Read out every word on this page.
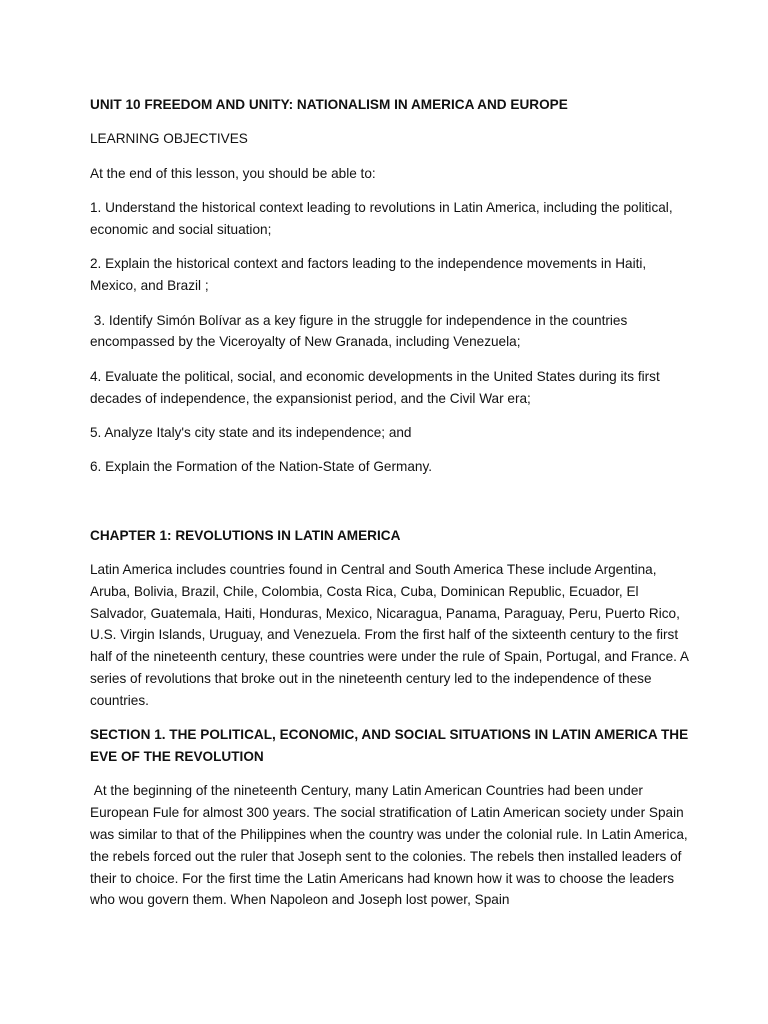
UNIT 10 FREEDOM AND UNITY: NATIONALISM IN AMERICA AND EUROPE

LEARNING OBJECTIVES

At the end of this lesson, you should be able to:

1. Understand the historical context leading to revolutions in Latin America, including the political, economic and social situation;

2. Explain the historical context and factors leading to the independence movements in Haiti, Mexico, and Brazil ;

3. Identify Simón Bolívar as a key figure in the struggle for independence in the countries encompassed by the Viceroyalty of New Granada, including Venezuela;

4. Evaluate the political, social, and economic developments in the United States during its first decades of independence, the expansionist period, and the Civil War era;

5. Analyze Italy's city state and its independence; and

6. Explain the Formation of the Nation-State of Germany.

CHAPTER 1: REVOLUTIONS IN LATIN AMERICA

Latin America includes countries found in Central and South America These include Argentina, Aruba, Bolivia, Brazil, Chile, Colombia, Costa Rica, Cuba, Dominican Republic, Ecuador, El Salvador, Guatemala, Haiti, Honduras, Mexico, Nicaragua, Panama, Paraguay, Peru, Puerto Rico, U.S. Virgin Islands, Uruguay, and Venezuela. From the first half of the sixteenth century to the first half of the nineteenth century, these countries were under the rule of Spain, Portugal, and France. A series of revolutions that broke out in the nineteenth century led to the independence of these countries.

SECTION 1. THE POLITICAL, ECONOMIC, AND SOCIAL SITUATIONS IN LATIN AMERICA THE EVE OF THE REVOLUTION

At the beginning of the nineteenth Century, many Latin American Countries had been under European Fule for almost 300 years. The social stratification of Latin American society under Spain was similar to that of the Philippines when the country was under the colonial rule. In Latin America, the rebels forced out the ruler that Joseph sent to the colonies. The rebels then installed leaders of their to choice. For the first time the Latin Americans had known how it was to choose the leaders  who wou govern them. When Napoleon and Joseph lost power, Spain
